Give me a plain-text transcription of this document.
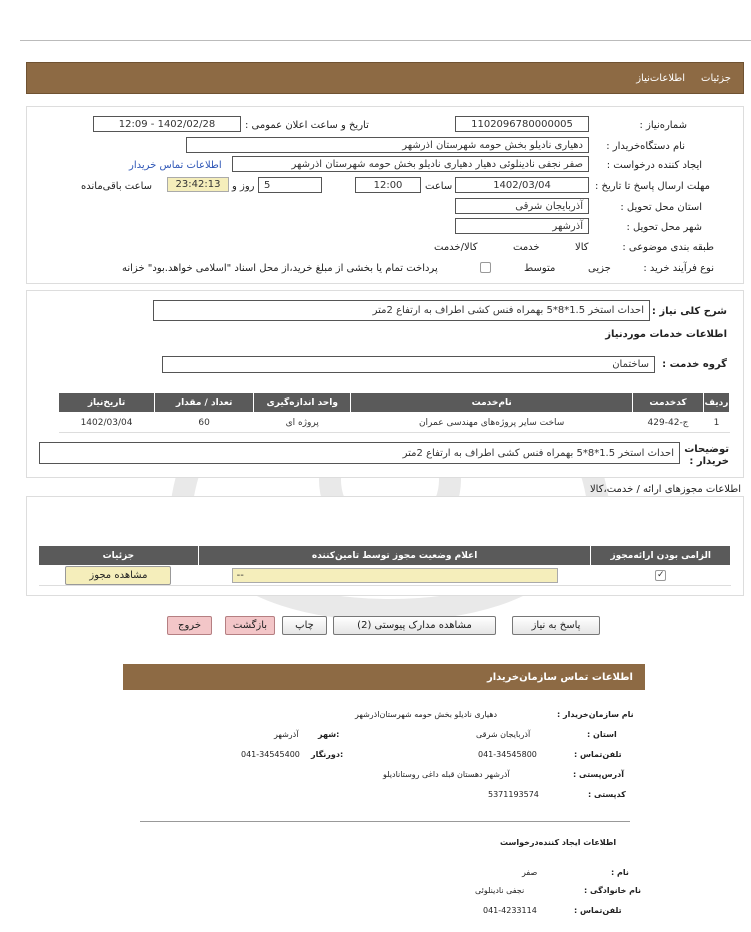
جزئیات
اطلاعات‌نیاز
شماره‌نیاز :
1102096780000005
تاریخ و ساعت اعلان عمومی :
1402/02/28 - 12:09
نام دستگاه‌خریدار :
دهیاری نادیلو بخش حومه شهرستان اذرشهر
ایجاد کننده درخواست :
صفر نجفی نادینلوئی دهیار دهیاری نادیلو بخش حومه شهرستان اذرشهر
اطلاعات تماس خریدار
مهلت ارسال پاسخ تا تاریخ :
1402/03/04
ساعت
12:00
5
روز و
23:42:13
ساعت باقی‌مانده
استان محل تحویل :
آذربایجان شرقی
شهر محل تحویل :
آذرشهر
طبقه بندی موضوعی :

کالا

خدمت

کالا/خدمت
نوع فرآیند خرید :

جزیی
متوسط
پرداخت تمام یا بخشی از مبلغ خرید،از محل اسناد "اسلامی خواهد.بود" خزانه
شرح کلی نیاز :
احداث استخر 1.5*8*5 بهمراه فنس کشی اطراف به ارتفاع 2متر
اطلاعات خدمات موردنیاز
گروه خدمت :
ساختمان
ردیف	کدخدمت	نام‌خدمت	واحد اندازه‌گیری	تعداد / مقدار	تاریخ‌نیاز
1	ج-42-429	ساخت سایر پروژه‌های مهندسی عمران	پروژه ای	60	1402/03/04
توضیحات خریدار :
احداث استخر 1.5*8*5 بهمراه فنس کشی اطراف به ارتفاع 2متر
اطلاعات مجوزهای ارائه / خدمت،کالا
الزامی بودن ارائه‌مجوز	اعلام وضعیت مجوز توسط تامین‌کننده	جزئیات
✓	--	مشاهده مجوز
پاسخ به نیاز
مشاهده مدارک پیوستی (2)
چاپ
بازگشت
خروج
اطلاعات تماس سازمان‌خریدار
نام سازمان‌خریدار :
دهیاری نادیلو بخش حومه شهرستان‌اذرشهر
استان :
آذربایجان شرقی
:شهر
آذرشهر
تلفن‌تماس :
041-34545800
:دورنگار
041-34545400
آدرس‌پستی :
آذرشهر دهستان قبله داغی روستانادیلو
کدپستی :
5371193574
اطلاعات ایجاد کننده‌درخواست
نام :
صفر
نام خانوادگی :
نجفی نادینلوئی
تلفن‌تماس :
041-4233114
